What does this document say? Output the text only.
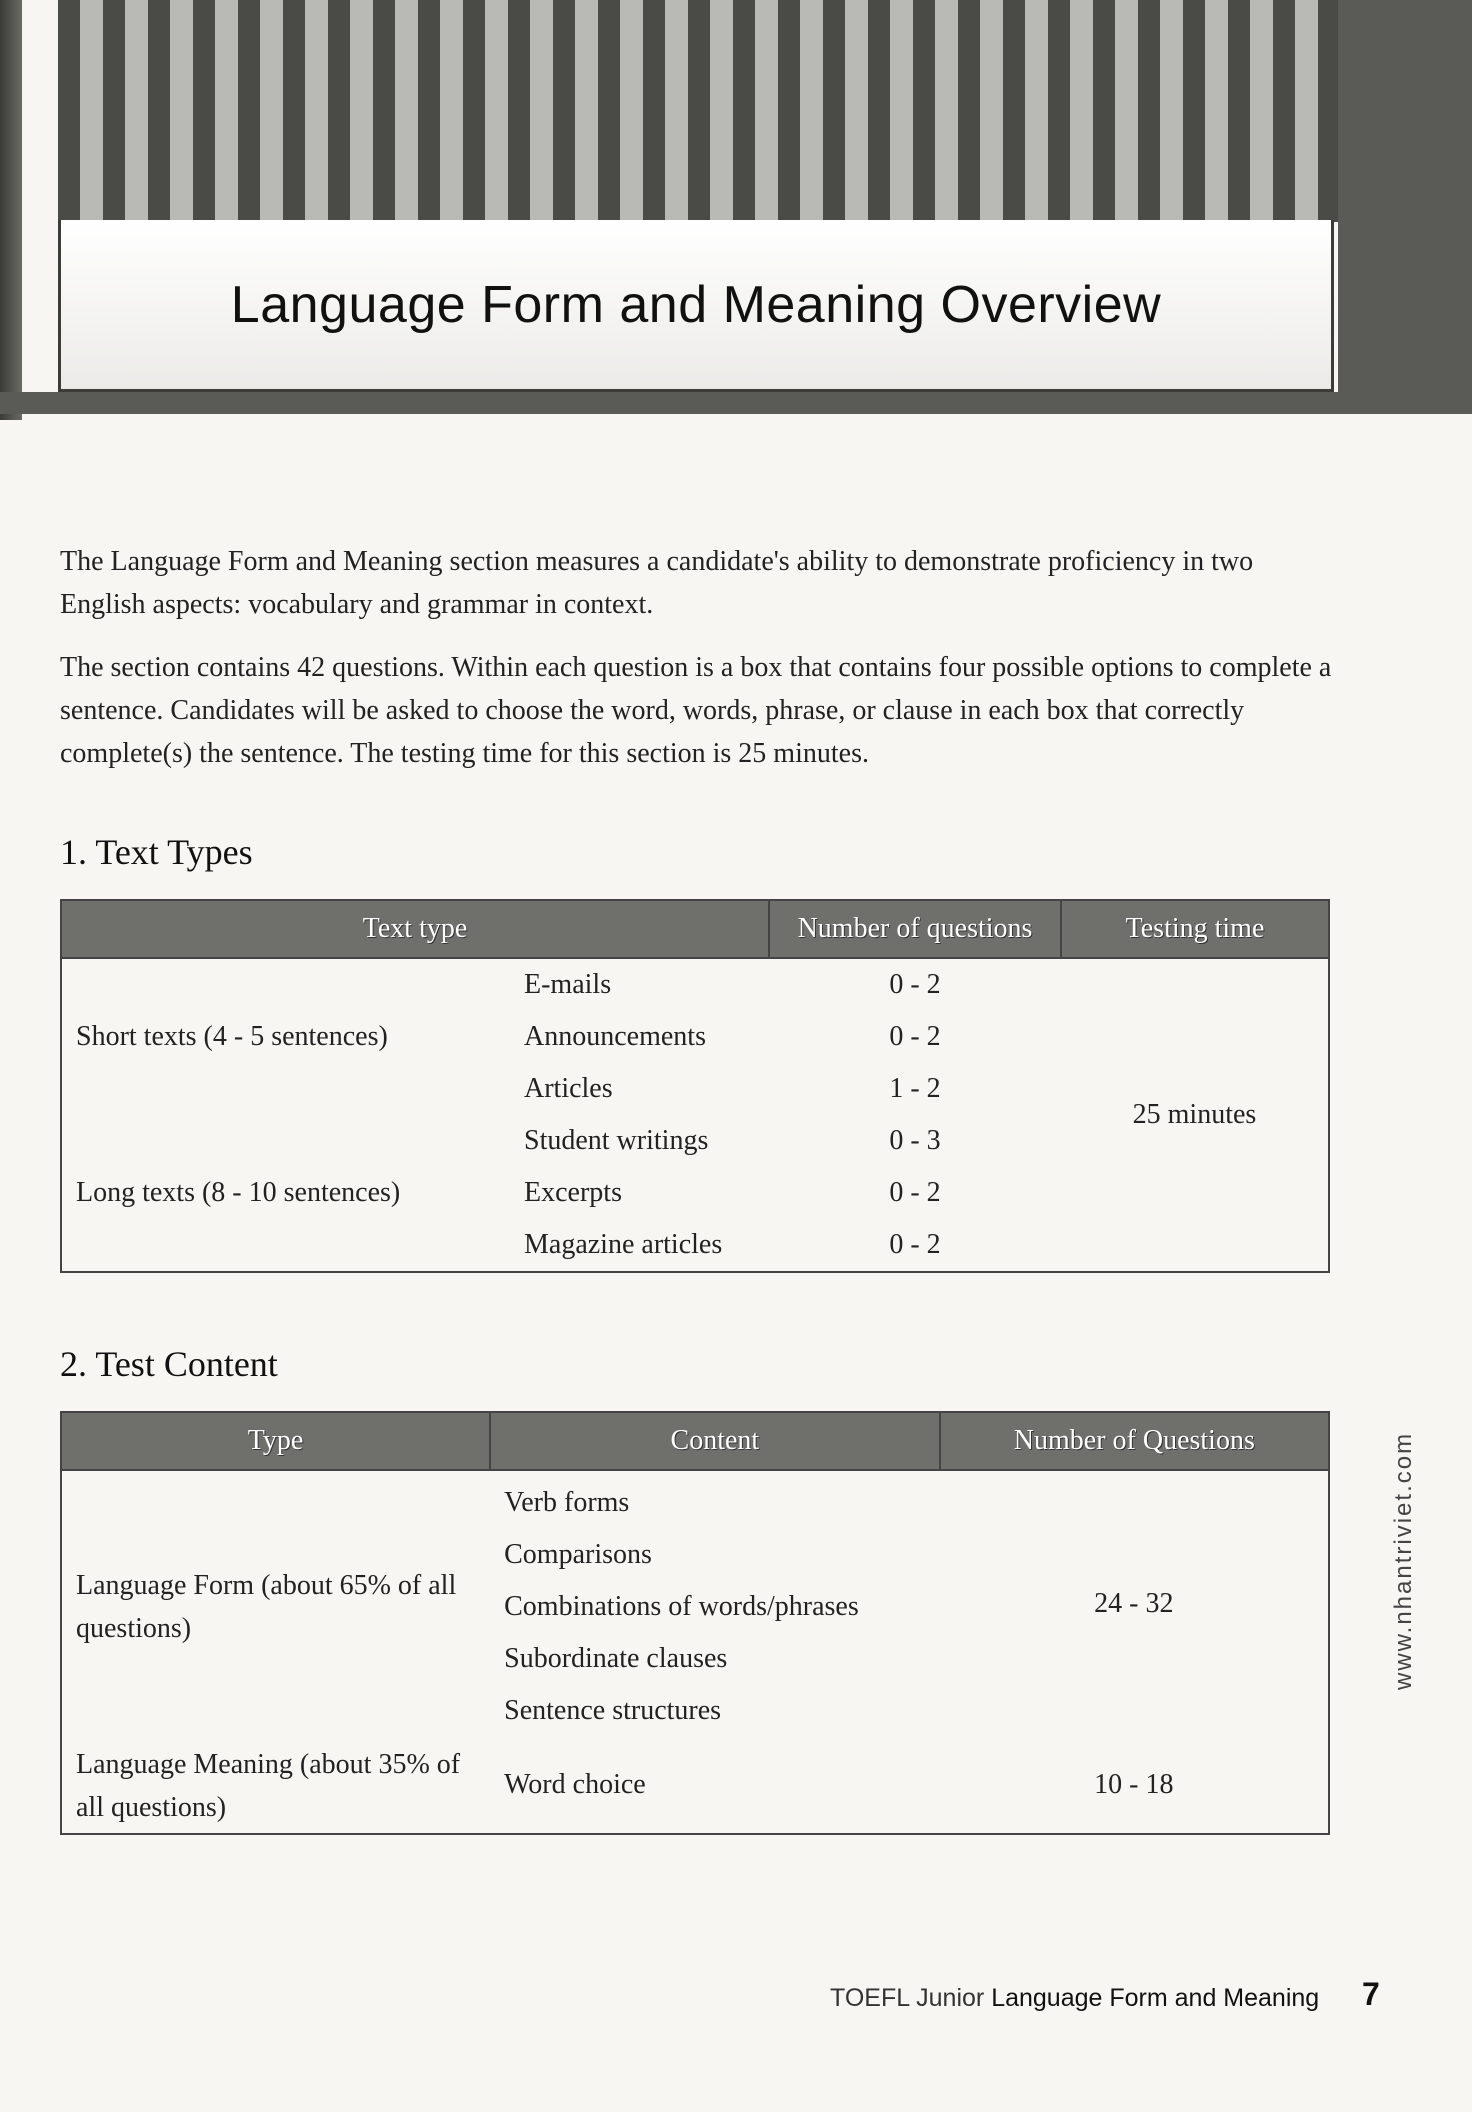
Language Form and Meaning Overview

The Language Form and Meaning section measures a candidate's ability to demonstrate proficiency in two English aspects: vocabulary and grammar in context.

The section contains 42 questions. Within each question is a box that contains four possible options to complete a sentence. Candidates will be asked to choose the word, words, phrase, or clause in each box that correctly complete(s) the sentence. The testing time for this section is 25 minutes.

1. Text Types
Text type		Number of questions	Testing time
	E-mails	0 - 2	25 minutes
Short texts (4 - 5 sentences)	Announcements	0 - 2	
	Articles	1 - 2	
	Student writings	0 - 3	
Long texts (8 - 10 sentences)	Excerpts	0 - 2	
	Magazine articles	0 - 2	
2. Test Content
Type	Content	Number of Questions
Language Form (about 65% of all questions)	Verb forms
Comparisons
Combinations of words/phrases
Subordinate clauses
Sentence structures	24 - 32
Language Meaning (about 35% of all questions)	Word choice	10 - 18
www.nhantriviet.com
TOEFL Junior Language Form and Meaning 7
